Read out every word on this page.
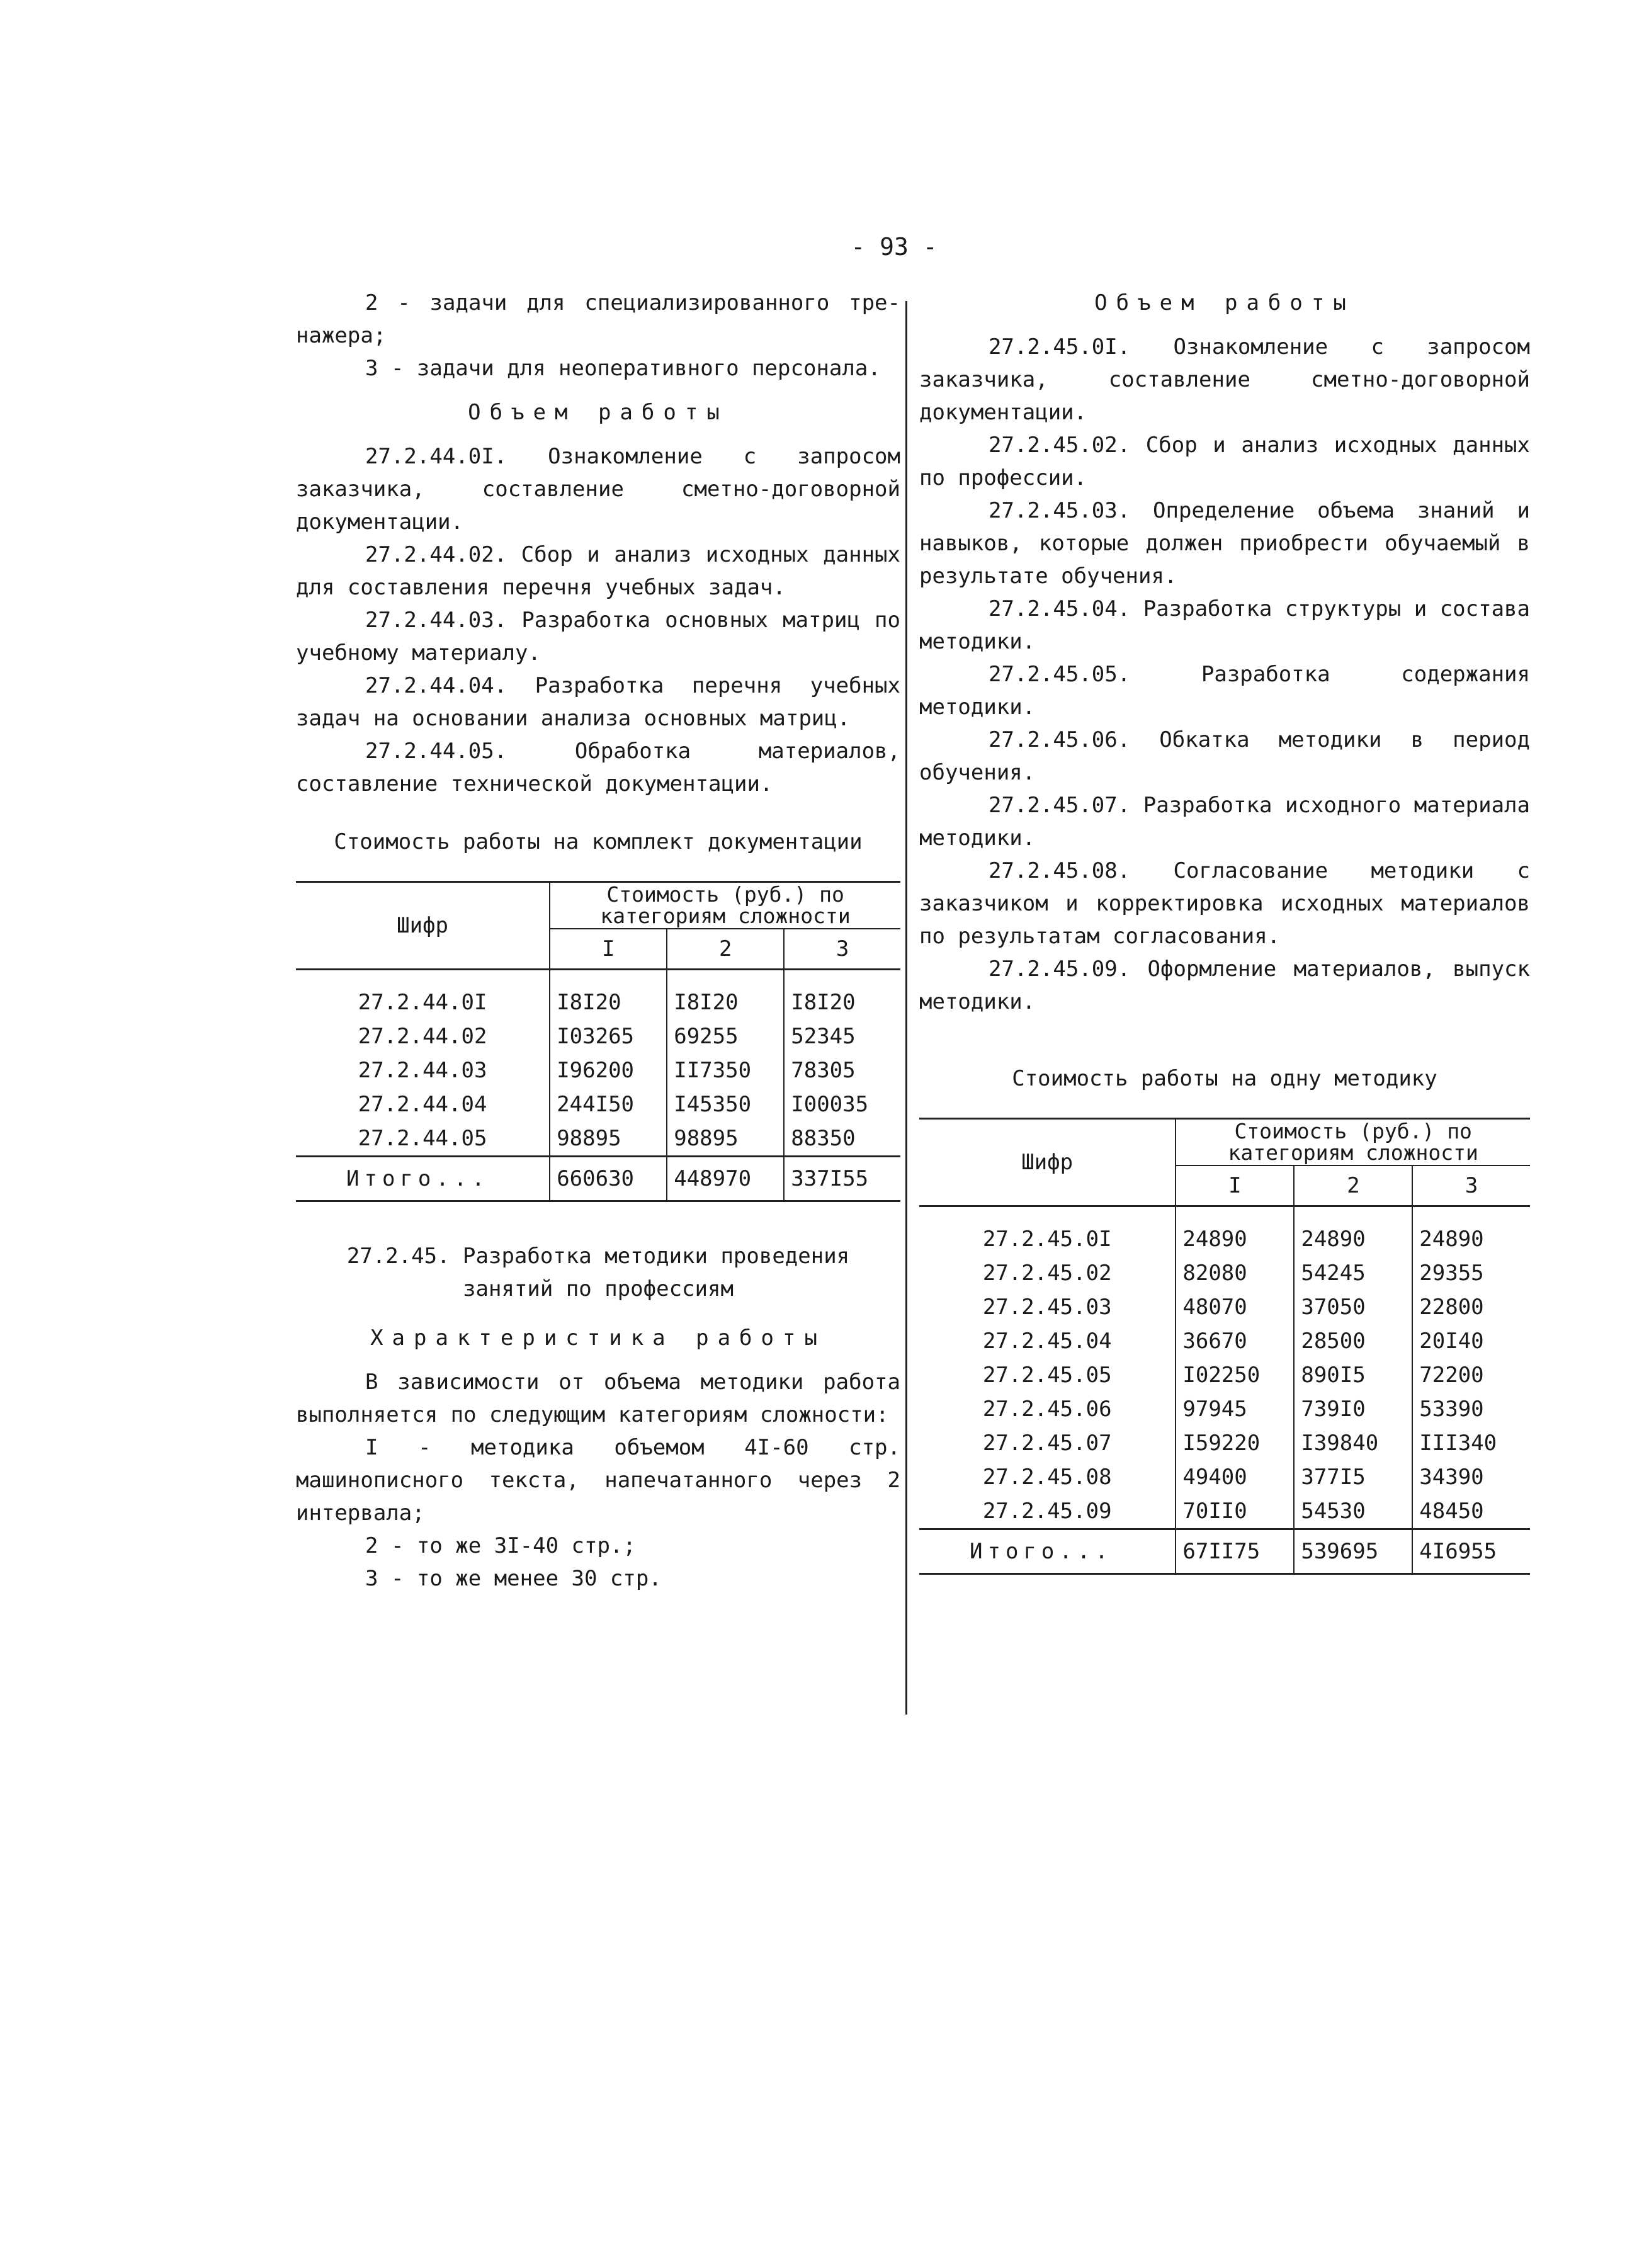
- 93 -

2 - задачи для специализированного тре-нажера;

3 - задачи для неоперативного персонала.

Объем работы

27.2.44.0I. Ознакомление с запросом заказчика, составление сметно-договорной документации.

27.2.44.02. Сбор и анализ исходных данных для составления перечня учебных задач.

27.2.44.03. Разработка основных матриц по учебному материалу.

27.2.44.04. Разработка перечня учебных задач на основании анализа основных матриц.

27.2.44.05. Обработка материалов, составление технической документации.

Стоимость работы на комплект документации

Шифр	Стоимость (руб.) по категориям сложности		
	I	2	3

27.2.44.0I	I8I20	I8I20	I8I20
27.2.44.02	I03265	69255	52345
27.2.44.03	I96200	II7350	78305
27.2.44.04	244I50	I45350	I00035
27.2.44.05	98895	98895	88350
Итого...	660630	448970	337I55

27.2.45. Разработка методики проведения занятий по профессиям

Характеристика работы

В зависимости от объема методики работа выполняется по следующим категориям сложности:

I - методика объемом 4I-60 стр. машинописного текста, напечатанного через 2 интервала;

2 - то же 3I-40 стр.;

3 - то же менее 30 стр.

Объем работы

27.2.45.0I. Ознакомление с запросом заказчика, составление сметно-договорной документации.

27.2.45.02. Сбор и анализ исходных данных по профессии.

27.2.45.03. Определение объема знаний и навыков, которые должен приобрести обучаемый в результате обучения.

27.2.45.04. Разработка структуры и состава методики.

27.2.45.05. Разработка содержания методики.

27.2.45.06. Обкатка методики в период обучения.

27.2.45.07. Разработка исходного материала методики.

27.2.45.08. Согласование методики с заказчиком и корректировка исходных материалов по результатам согласования.

27.2.45.09. Оформление материалов, выпуск методики.

Стоимость работы на одну методику

Шифр	Стоимость (руб.) по категориям сложности		
	I	2	3

27.2.45.0I	24890	24890	24890
27.2.45.02	82080	54245	29355
27.2.45.03	48070	37050	22800
27.2.45.04	36670	28500	20I40
27.2.45.05	I02250	890I5	72200
27.2.45.06	97945	739I0	53390
27.2.45.07	I59220	I39840	III340
27.2.45.08	49400	377I5	34390
27.2.45.09	70II0	54530	48450
Итого...	67II75	539695	4I6955
